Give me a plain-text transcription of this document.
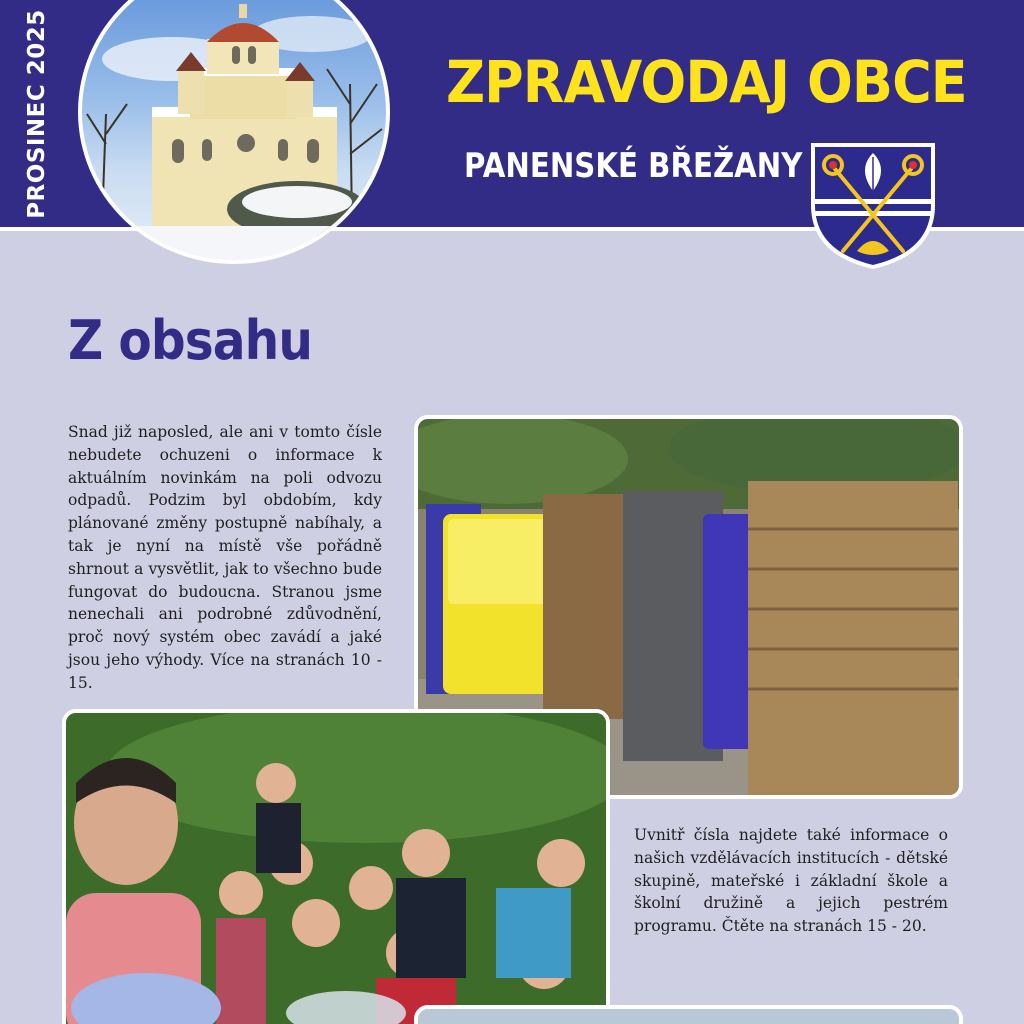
PROSINEC 2025	ZPRAVODAJ OBCE
PANENSKÉ BŘEŽANY
Z obsahu

Snad již naposled, ale ani v tomto čísle nebudete ochuzeni o informace k aktuálním novinkám na poli odvozu odpadů. Podzim byl obdobím, kdy plánované změny postupně nabíhaly, a tak je nyní na místě vše pořádně shrnout a vysvětlit, jak to všechno bude fungovat do budoucna. Stranou jsme nenechali ani podrobné zdůvodnění, proč nový systém obec zavádí a jaké jsou jeho výhody. Více na stranách 10 - 15.

Uvnitř čísla najdete také informace o našich vzdělávacích institucích - dětské skupině, mateřské i základní škole a školní družině a jejich pestrém programu. Čtěte na stranách 15 - 20.
